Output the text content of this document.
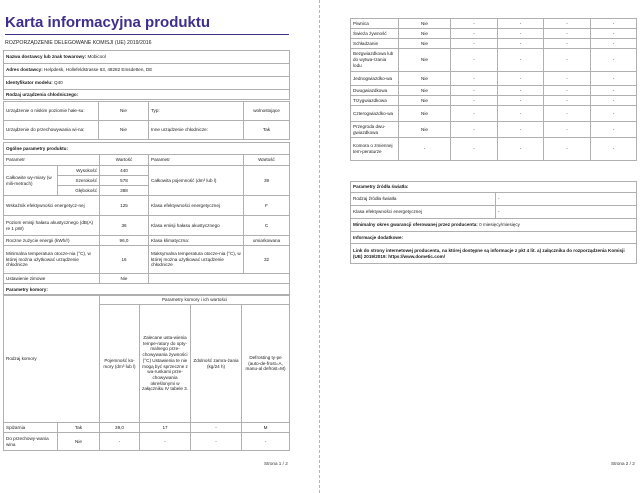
Karta informacyjna produktu
ROZPORZĄDZENIE DELEGOWANE KOMISJI (UE) 2019/2016
Nazwa dostawcy lub znak towarowy: Mobicool
Adres dostawcy: Helpdesk, Hollefeldstrasse 63, 48282 Emsdetten, DE
Identyfikator modelu: Q40
Rodzaj urządzenia chłodniczego:
Urządzenie o niskim poziomie hałe-su:	Nie	Typ:	wolnostojące
Urządzenie do przechowywania wi-na:	Nie	Inne urządzenie chłodnicze:	Tak
Ogólne parametry produktu:				
Parametr		Wartość	Parametr	Wartość
Całkowite wy-miary (w mili-metrach)	Wysokość	440	Całkowita pojemność (dm³ lub l)	39
	Szerokość	578		
	Głębokość	388		
Wskaźnik efektywności energetycz-nej		125	Klasa efektywności energetycznej	F
Poziom emisji hałasu akustycznego (dB(A) re 1 pW)		36	Klasa emisji hałasu akustycznego	C
Roczne zużycie energii (kWh/r)		96,0	Klasa klimatyczna:	umiarkowana
Minimalna temperatura otocze-nia (°C), w której można użytkować urządzenie chłodnicze		16	Maksymalna temperatura otocze-nia (°C), w której można użytkować urządzenie chłodnicze	32
Ustawienie zimowe		Nie		
Parametry komory:				
Rodzaj komory		Parametry komory i ich wartości			
		Pojemność ko-mory (dm³ lub l)	Zalecane usta-wienia tempe-ratury do opty-malnego prze-chowywania żywności (°C) Ustawienia te nie mogą być sprzeczne z wa-runkami prze-chowywania określonymi w załączniku IV tabele 3.	Zdolność zamra-żania (kg/24 h)	Defrosting ty-pe (auto-de-frost=A, manu-al defrost=M)
Spiżarnia	Tak	39,0	17	-	M
Do przechowy-wania wina	Nie	-	-	-	-
Strona 1 / 2
Piwnica	Nie	-	-	-	-
Świeża żywność	Nie	-	-	-	-
Schładzanie	Nie	-	-	-	-
Bezgwiazdkowa lub do wytwa-rzania lodu	Nie	-	-	-	-
Jednogwiazdko-wa	Nie	-	-	-	-
Dwugwiazdkowa	Nie	-	-	-	-
Trzygwiazdkowa	Nie	-	-	-	-
Czterogwiazdko-wa	Nie	-	-	-	-
Przegroda dwu-gwiazdkowa	Nie	-	-	-	-
Komora o zmiennej tem-peraturze	-	-	-	-	-
Parametry źródła światła:	
Rodzaj źródła światła	-
Klasa efektywności energetycznej	-
Minimalny okres gwarancji oferowanej przez producenta: 0 miesięcy/miesięcy	
Informacje dodatkowe:	
Link do strony internetowej producenta, na której dostępne są informacje z pkt 4 lit. a) załącznika do rozporządzenia Komisji (UE) 2019/2019: https://www.dometic.com/	
Strona 2 / 2
